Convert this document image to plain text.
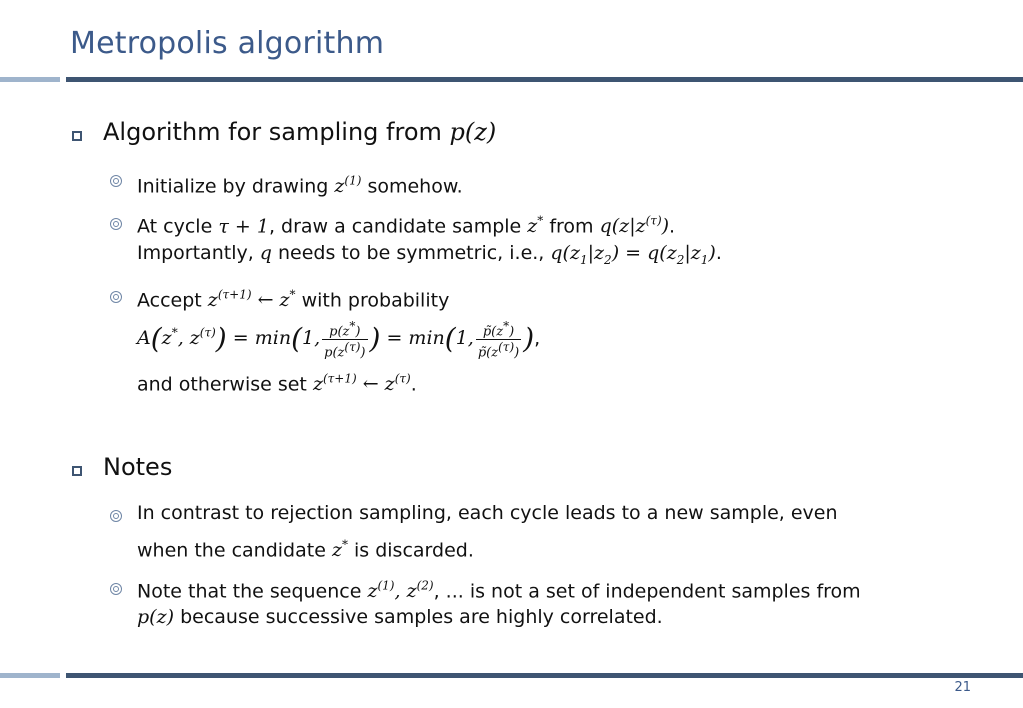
Metropolis algorithm
Algorithm for sampling from p(z)
Initialize by drawing $z^{(1)}$ somehow.
At cycle τ + 1, draw a candidate sample z* from $q(z|z^{(\tau)})$.
Importantly, q needs to be symmetric, i.e., $q(z_1|z_2) = q(z_2|z_1)$.
Accept $z^{(\tau+1)}$ ← z* with probability
A(z*, $z^{(\tau)}) = \min(1$, $\frac{p(z^*)}{p(z^{(\tau)})}$ ) = min(1, $\frac{p̃(z^*)}{p̃(z^{(\tau)})}$ ),
and otherwise set $z^{(\tau+1)}$ ← $z^{(\tau)}$.
Notes
In contrast to rejection sampling, each cycle leads to a new sample, even
when the candidate z* is discarded.
Note that the sequence $z^{(1)}$, $z^{(2)}$, ... is not a set of independent samples from
p(z) because successive samples are highly correlated.
21
